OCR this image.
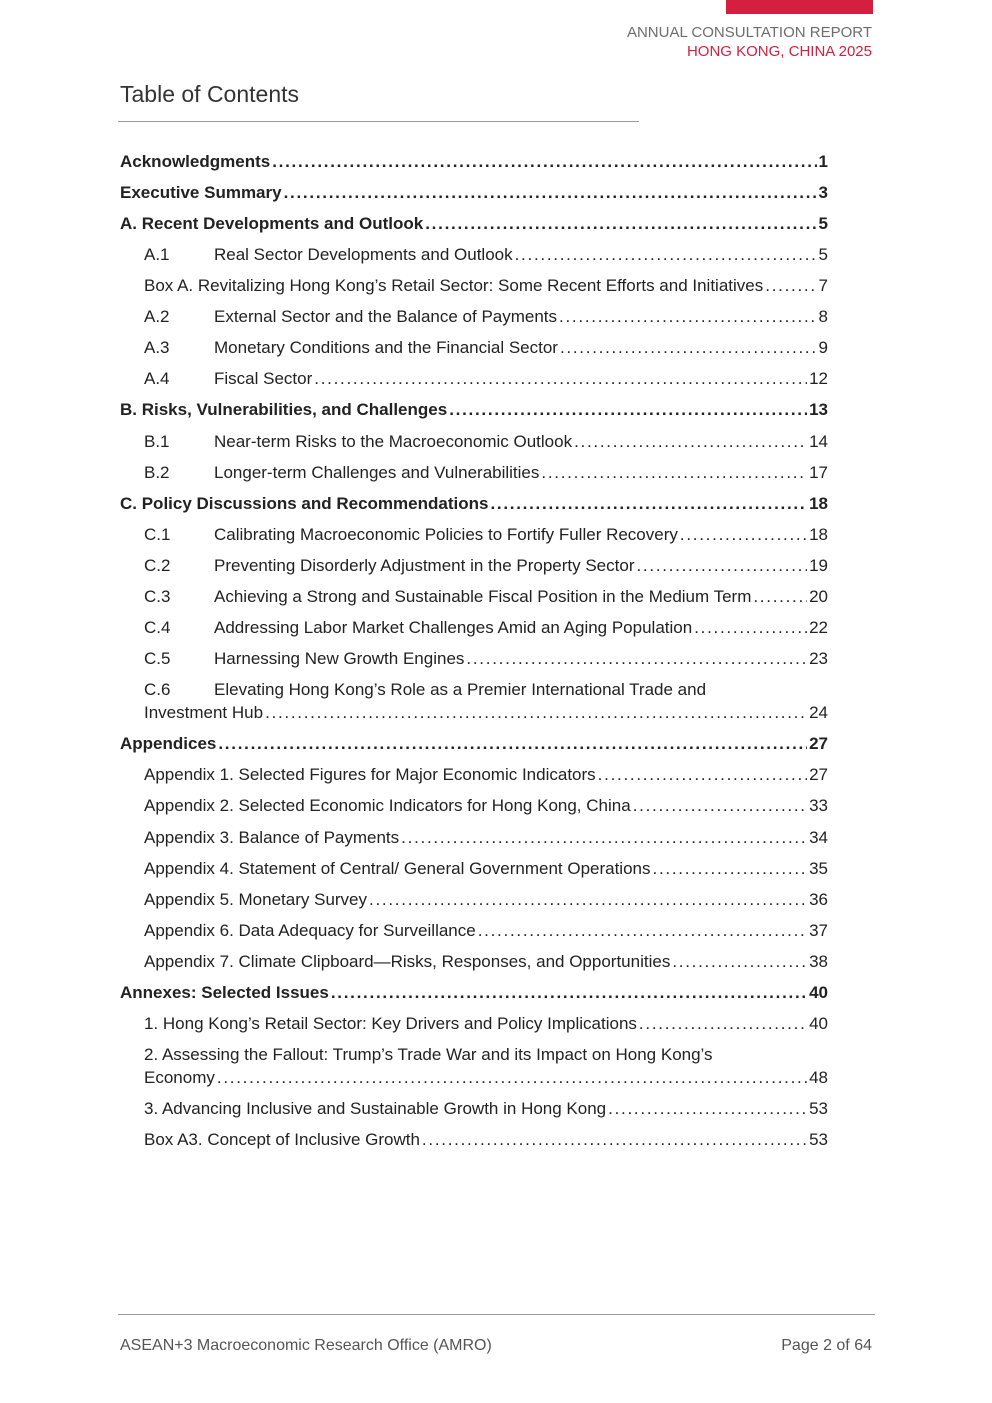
ANNUAL CONSULTATION REPORT
HONG KONG, CHINA 2025
Table of Contents
Acknowledgments . . .	1
Executive Summary . . .	3
A. Recent Developments and Outlook . . .	5
A.1	Real Sector Developments and Outlook . . .	5
Box A. Revitalizing Hong Kong’s Retail Sector: Some Recent Efforts and Initiatives . . .	7
A.2	External Sector and the Balance of Payments . . .	8
A.3	Monetary Conditions and the Financial Sector . . .	9
A.4	Fiscal Sector . . .	12
B. Risks, Vulnerabilities, and Challenges . . .	13
B.1	Near-term Risks to the Macroeconomic Outlook . . .	14
B.2	Longer-term Challenges and Vulnerabilities . . .	17
C. Policy Discussions and Recommendations . . .	18
C.1	Calibrating Macroeconomic Policies to Fortify Fuller Recovery . . .	18
C.2	Preventing Disorderly Adjustment in the Property Sector . . .	19
C.3	Achieving a Strong and Sustainable Fiscal Position in the Medium Term . . .	20
C.4	Addressing Labor Market Challenges Amid an Aging Population . . .	22
C.5	Harnessing New Growth Engines . . .	23
C.6	Elevating Hong Kong’s Role as a Premier International Trade and
Investment Hub . . .	24
Appendices . . .	27
Appendix 1. Selected Figures for Major Economic Indicators . . .	27
Appendix 2. Selected Economic Indicators for Hong Kong, China . . .	33
Appendix 3. Balance of Payments . . .	34
Appendix 4. Statement of Central/ General Government Operations . . .	35
Appendix 5. Monetary Survey . . .	36
Appendix 6. Data Adequacy for Surveillance . . .	37
Appendix 7. Climate Clipboard—Risks, Responses, and Opportunities . . .	38
Annexes: Selected Issues . . .	40
1. Hong Kong’s Retail Sector: Key Drivers and Policy Implications . . .	40
2. Assessing the Fallout: Trump’s Trade War and its Impact on Hong Kong’s
Economy . . .	48
3. Advancing Inclusive and Sustainable Growth in Hong Kong . . .	53
Box A3. Concept of Inclusive Growth . . .	53
ASEAN+3 Macroeconomic Research Office (AMRO)	Page 2 of 64
